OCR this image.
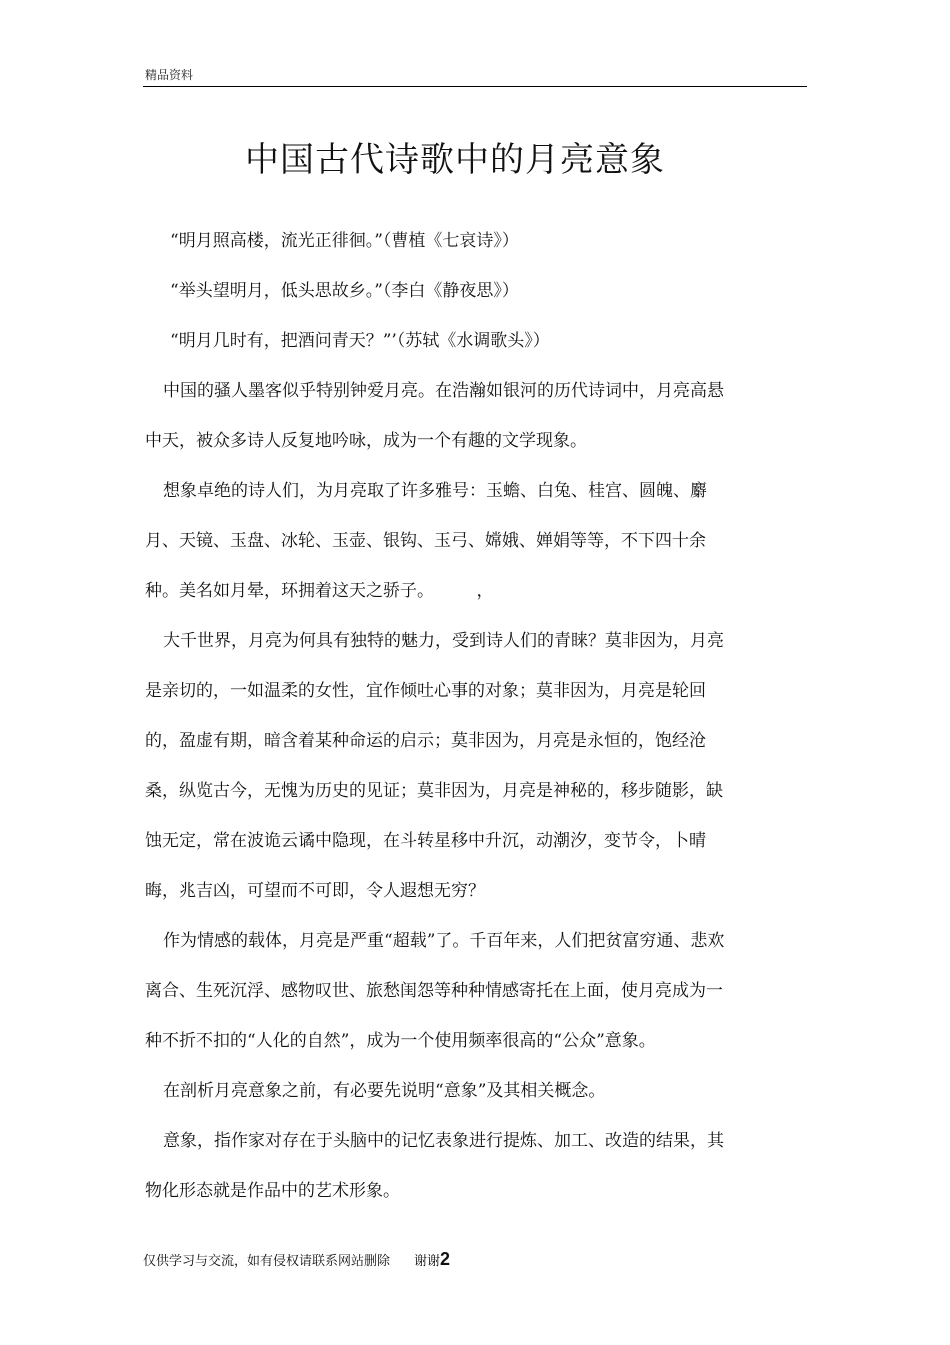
精品资料
中国古代诗歌中的月亮意象
“明月照高楼，流光正徘徊。”（曹植《七哀诗》）
“举头望明月，低头思故乡。”（李白《静夜思》）
“明月几时有，把酒问青天？”’（苏轼《水调歌头》）
中国的骚人墨客似乎特别钟爱月亮。在浩瀚如银河的历代诗词中，月亮高悬
中天，被众多诗人反复地吟咏，成为一个有趣的文学现象。
想象卓绝的诗人们，为月亮取了许多雅号：玉蟾、白兔、桂宫、圆魄、麝
月、天镜、玉盘、冰轮、玉壶、银钩、玉弓、嫦娥、婵娟等等，不下四十余
种。美名如月晕，环拥着这天之骄子。　　　，
大千世界，月亮为何具有独特的魅力，受到诗人们的青睐？莫非因为，月亮
是亲切的，一如温柔的女性，宜作倾吐心事的对象；莫非因为，月亮是轮回
的，盈虚有期，暗含着某种命运的启示；莫非因为，月亮是永恒的，饱经沧
桑，纵览古今，无愧为历史的见证；莫非因为，月亮是神秘的，移步随影，缺
蚀无定，常在波诡云谲中隐现，在斗转星移中升沉，动潮汐，变节令，卜晴
晦，兆吉凶，可望而不可即，令人遐想无穷？
作为情感的载体，月亮是严重“超载”了。千百年来，人们把贫富穷通、悲欢
离合、生死沉浮、感物叹世、旅愁闺怨等种种情感寄托在上面，使月亮成为一
种不折不扣的“人化的自然”，成为一个使用频率很高的“公众”意象。
在剖析月亮意象之前，有必要先说明“意象”及其相关概念。
意象，指作家对存在于头脑中的记忆表象进行提炼、加工、改造的结果，其
物化形态就是作品中的艺术形象。
仅供学习与交流，如有侵权请联系网站删除 谢谢2
